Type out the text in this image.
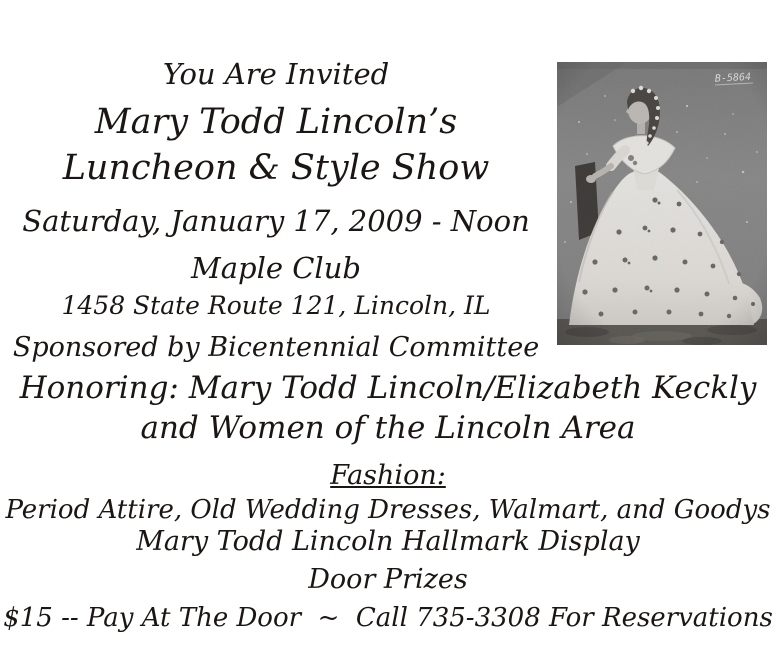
You Are Invited
Mary Todd Lincoln’s
Luncheon & Style Show
Saturday, January 17, 2009 - Noon
Maple Club
1458 State Route 121, Lincoln, IL
Sponsored by Bicentennial Committee
Honoring: Mary Todd Lincoln/Elizabeth Keckly
and Women of the Lincoln Area
Fashion:
Period Attire, Old Wedding Dresses, Walmart, and Goodys
Mary Todd Lincoln Hallmark Display
Door Prizes
$15 -- Pay At The Door  ~  Call 735-3308 For Reservations
